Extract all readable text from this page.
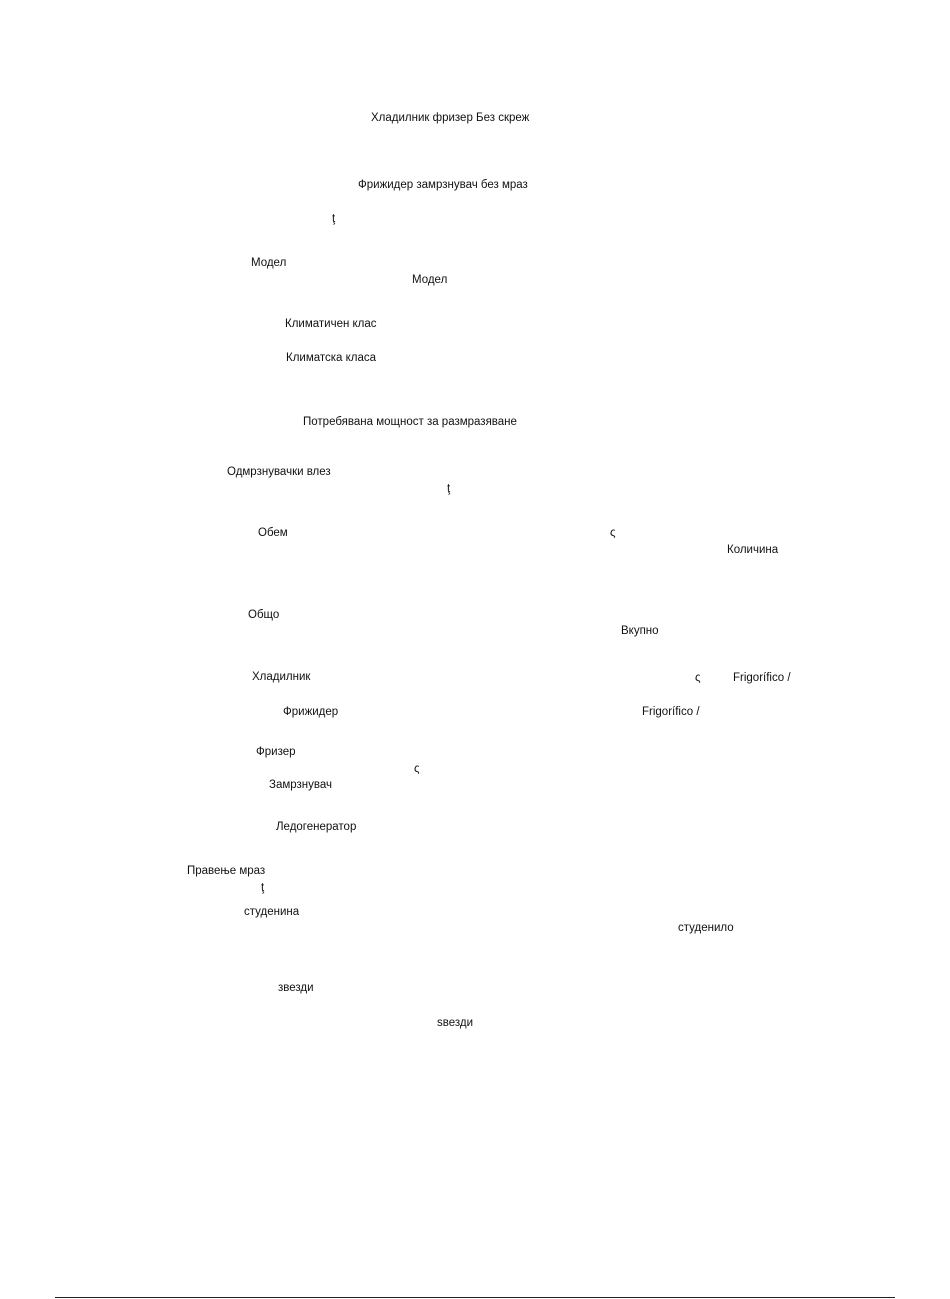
Хладилник фризер Без скреж
Фрижидер замрзнувач без мраз
ţ
Модел
Модел
Климатичен клас
Климатска класа
Потребявана мощност за размразяване
Одмрзнувачки влез
ţ
Обем	ς
Количина
Общо
Вкупно
Хладилник	ς	Frigorífico /
Фрижидер	Frigorífico /
Фризер
ς
Замрзнувач
Ледогенератор
Правење мраз
ţ
студенина
студенило
звезди
ѕвезди
